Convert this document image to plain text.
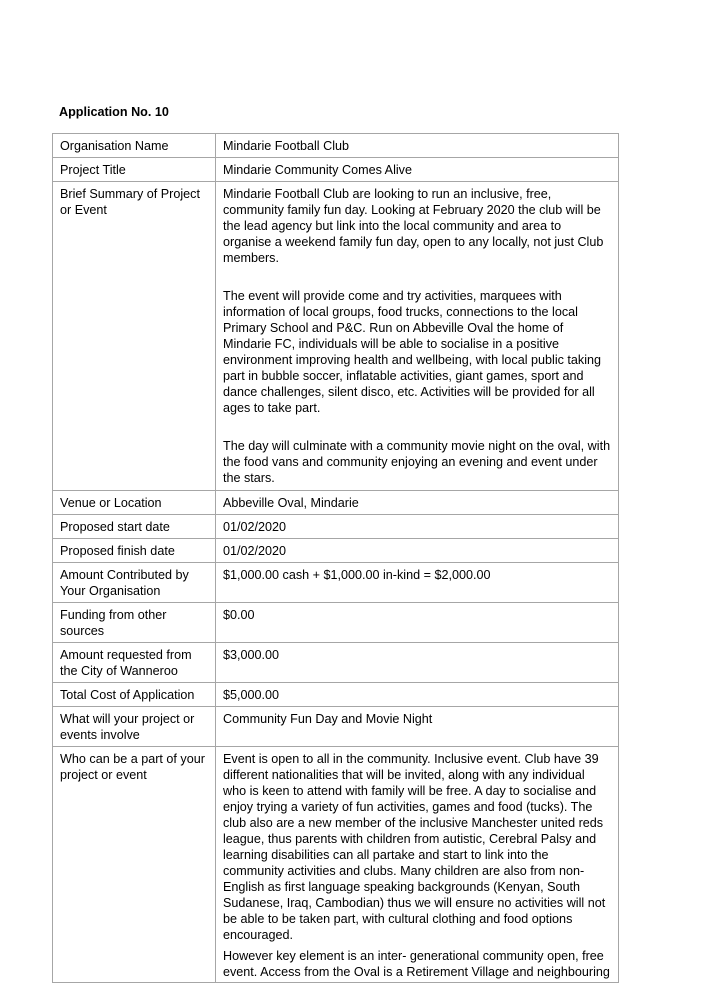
Application No. 10

Organisation Name	Mindarie Football Club

Project Title	Mindarie Community Comes Alive

Brief Summary of Project or Event	Mindarie Football Club are looking to run an inclusive, free, community family fun day. Looking at February 2020 the club will be the lead agency but link into the local community and area to organise a weekend family fun day, open to any locally, not just Club members.

The event will provide come and try activities, marquees with information of local groups, food trucks, connections to the local Primary School and P&C. Run on Abbeville Oval the home of Mindarie FC, individuals will be able to socialise in a positive environment improving health and wellbeing, with local public taking part in bubble soccer, inflatable activities, giant games, sport and dance challenges, silent disco, etc. Activities will be provided for all ages to take part.

The day will culminate with a community movie night on the oval, with the food vans and community enjoying an evening and event under the stars.

Venue or Location	Abbeville Oval, Mindarie

Proposed start date	01/02/2020

Proposed finish date	01/02/2020

Amount Contributed by Your Organisation	$1,000.00 cash + $1,000.00 in-kind = $2,000.00

Funding from other sources	$0.00

Amount requested from the City of Wanneroo	$3,000.00

Total Cost of Application	$5,000.00

What will your project or events involve	Community Fun Day and Movie Night

Who can be a part of your project or event	Event is open to all in the community. Inclusive event. Club have 39 different nationalities that will be invited, along with any individual who is keen to attend with family will be free. A day to socialise and enjoy trying a variety of fun activities, games and food (tucks). The club also are a new member of the inclusive Manchester united reds league, thus parents with children from autistic, Cerebral Palsy and learning disabilities can all partake and start to link into the community activities and clubs. Many children are also from non-English as first language speaking backgrounds (Kenyan, South Sudanese, Iraq, Cambodian) thus we will ensure no activities will not be able to be taken part, with cultural clothing and food options encouraged.

However key element is an inter- generational community open, free event. Access from the Oval is a Retirement Village and neighbouring
